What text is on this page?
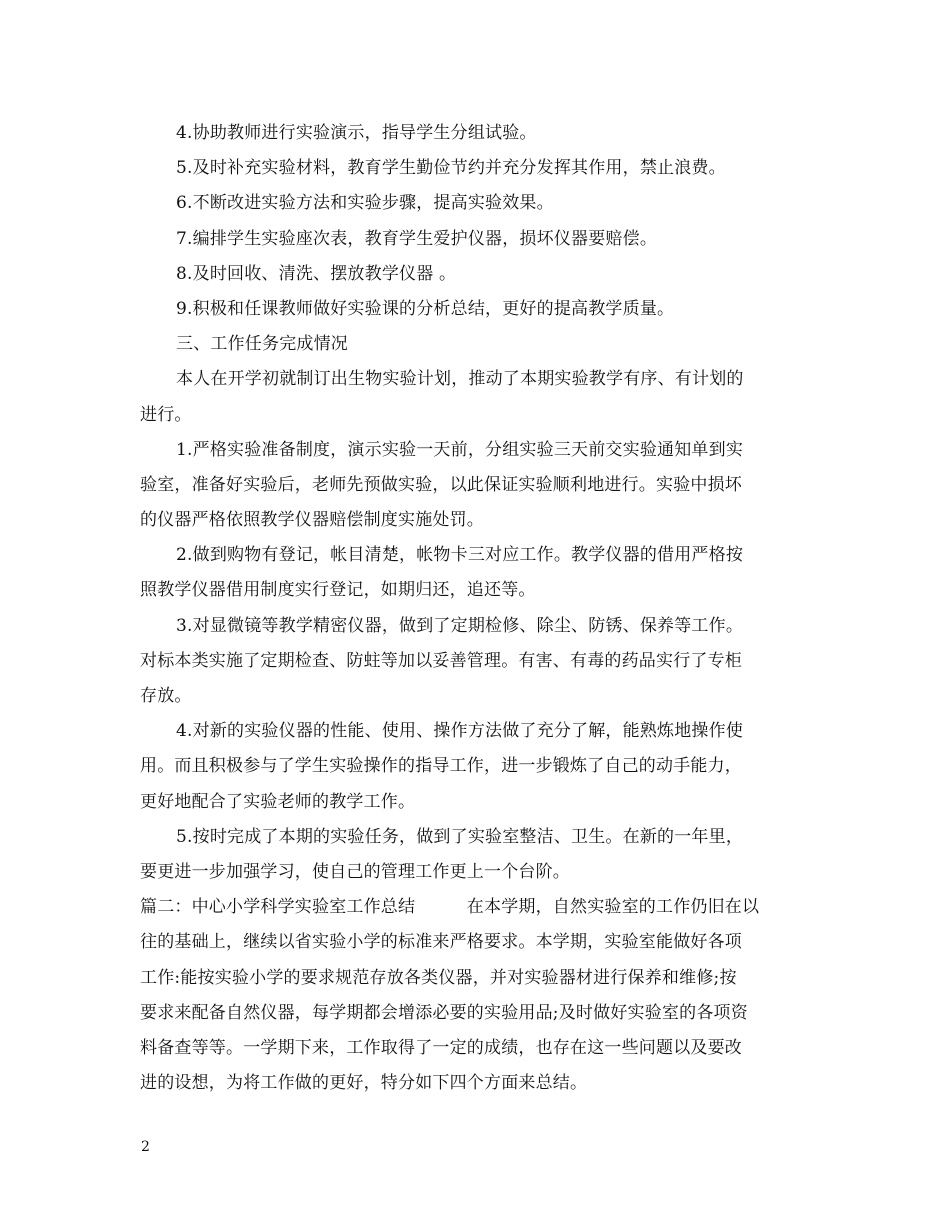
4.协助教师进行实验演示，指导学生分组试验。
5.及时补充实验材料，教育学生勤俭节约并充分发挥其作用，禁止浪费。
6.不断改进实验方法和实验步骤，提高实验效果。
7.编排学生实验座次表，教育学生爱护仪器，损坏仪器要赔偿。
8.及时回收、清洗、摆放教学仪器 。
9.积极和任课教师做好实验课的分析总结，更好的提高教学质量。
三、工作任务完成情况
本人在开学初就制订出生物实验计划，推动了本期实验教学有序、有计划的
进行。
1.严格实验准备制度，演示实验一天前，分组实验三天前交实验通知单到实
验室，准备好实验后，老师先预做实验，以此保证实验顺利地进行。实验中损坏
的仪器严格依照教学仪器赔偿制度实施处罚。
2.做到购物有登记，帐目清楚，帐物卡三对应工作。教学仪器的借用严格按
照教学仪器借用制度实行登记，如期归还，追还等。
3.对显微镜等教学精密仪器，做到了定期检修、除尘、防锈、保养等工作。
对标本类实施了定期检查、防蛀等加以妥善管理。有害、有毒的药品实行了专柜
存放。
4.对新的实验仪器的性能、使用、操作方法做了充分了解，能熟炼地操作使
用。而且积极参与了学生实验操作的指导工作，进一步锻炼了自己的动手能力，
更好地配合了实验老师的教学工作。
5.按时完成了本期的实验任务，做到了实验室整洁、卫生。在新的一年里，
要更进一步加强学习，使自己的管理工作更上一个台阶。
篇二：中心小学科学实验室工作总结　　　在本学期，自然实验室的工作仍旧在以
往的基础上，继续以省实验小学的标准来严格要求。本学期，实验室能做好各项
工作:能按实验小学的要求规范存放各类仪器，并对实验器材进行保养和维修;按
要求来配备自然仪器，每学期都会增添必要的实验用品;及时做好实验室的各项资
料备查等等。一学期下来，工作取得了一定的成绩，也存在这一些问题以及要改
进的设想，为将工作做的更好，特分如下四个方面来总结。
2
